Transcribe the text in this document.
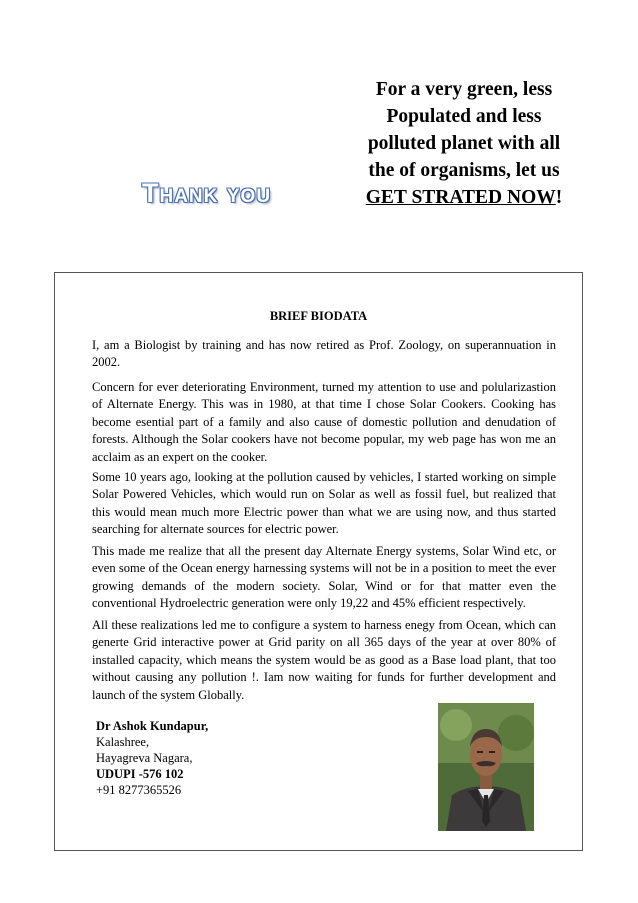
Thank you
For a very green, less
Populated and less
polluted planet with all
the of organisms, let us
GET STRATED NOW!
BRIEF BIODATA

I, am a Biologist by training and has now retired as Prof. Zoology, on superannuation in 2002.

Concern for ever deteriorating Environment, turned my attention to use and polularizastion of Alternate Energy. This was in 1980, at that time I chose Solar Cookers. Cooking has become esential part of a family and also cause of domestic pollution and denudation of forests. Although the Solar cookers have not become popular, my web page has won me an acclaim as an expert on the cooker.

Some 10 years ago, looking at the pollution caused by vehicles, I started working on simple Solar Powered Vehicles, which would run on Solar as well as fossil fuel, but realized that this would mean much more Electric power than what we are using now, and thus started searching for alternate sources for electric power.

This made me realize that all the present day Alternate Energy systems, Solar Wind etc, or even some of the Ocean energy harnessing systems will not be in a position to meet the ever growing demands of the modern society. Solar, Wind or for that matter even the conventional Hydroelectric generation were only 19,22 and 45% efficient respectively.

All these realizations led me to configure a system to harness enegy from Ocean, which can generte Grid interactive power at Grid parity on all 365 days of the year at over 80% of installed capacity, which means the system would be as good as a Base load plant, that too without causing any pollution !. Iam now waiting for funds for further development and launch of the system Globally.

Dr Ashok Kundapur,
Kalashree,
Hayagreva Nagara,
UDUPI -576 102
+91 8277365526
